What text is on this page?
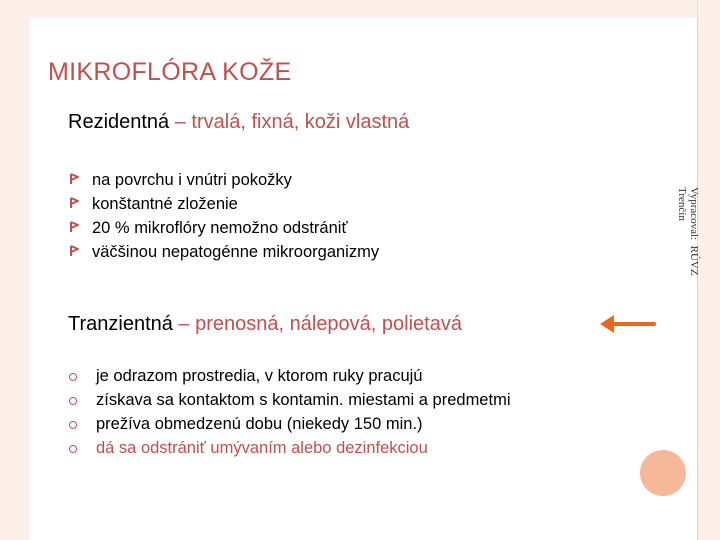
MIKROFLÓRA KOŽE
Rezidentná – trvalá, fixná, koži vlastná
na povrchu i vnútri pokožky
konštantné zloženie
20 % mikroflóry nemožno odstrániť
väčšinou nepatogénne mikroorganizmy
Tranzientná – prenosná, nálepová, polietavá
je odrazom prostredia, v ktorom ruky pracujú
získava sa kontaktom s kontamin. miestami a predmetmi
prežíva obmedzenú dobu (niekedy 150 min.)
dá sa odstrániť umývaním alebo dezinfekciou
Vypracoval:  RÚVZ
Trenčín
